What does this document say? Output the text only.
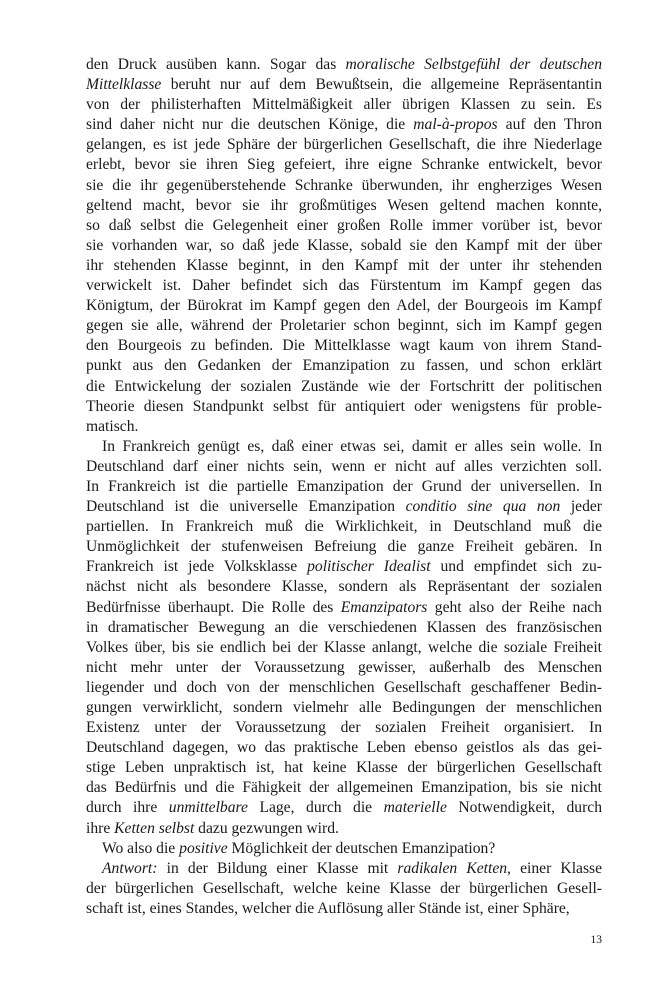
den Druck ausüben kann. Sogar das moralische Selbstgefühl der deutschen
Mittelklasse beruht nur auf dem Bewußtsein, die allgemeine Repräsentantin
von der philisterhaften Mittelmäßigkeit aller übrigen Klassen zu sein. Es
sind daher nicht nur die deutschen Könige, die mal-à-propos auf den Thron
gelangen, es ist jede Sphäre der bürgerlichen Gesellschaft, die ihre Niederlage
erlebt, bevor sie ihren Sieg gefeiert, ihre eigne Schranke entwickelt, bevor
sie die ihr gegenüberstehende Schranke überwunden, ihr engherziges Wesen
geltend macht, bevor sie ihr großmütiges Wesen geltend machen konnte,
so daß selbst die Gelegenheit einer großen Rolle immer vorüber ist, bevor
sie vorhanden war, so daß jede Klasse, sobald sie den Kampf mit der über
ihr stehenden Klasse beginnt, in den Kampf mit der unter ihr stehenden
verwickelt ist. Daher befindet sich das Fürstentum im Kampf gegen das
Königtum, der Bürokrat im Kampf gegen den Adel, der Bourgeois im Kampf
gegen sie alle, während der Proletarier schon beginnt, sich im Kampf gegen
den Bourgeois zu befinden. Die Mittelklasse wagt kaum von ihrem Stand-
punkt aus den Gedanken der Emanzipation zu fassen, und schon erklärt
die Entwickelung der sozialen Zustände wie der Fortschritt der politischen
Theorie diesen Standpunkt selbst für antiquiert oder wenigstens für proble-
matisch.
In Frankreich genügt es, daß einer etwas sei, damit er alles sein wolle. In
Deutschland darf einer nichts sein, wenn er nicht auf alles verzichten soll.
In Frankreich ist die partielle Emanzipation der Grund der universellen. In
Deutschland ist die universelle Emanzipation conditio sine qua non jeder
partiellen. In Frankreich muß die Wirklichkeit, in Deutschland muß die
Unmöglichkeit der stufenweisen Befreiung die ganze Freiheit gebären. In
Frankreich ist jede Volksklasse politischer Idealist und empfindet sich zu-
nächst nicht als besondere Klasse, sondern als Repräsentant der sozialen
Bedürfnisse überhaupt. Die Rolle des Emanzipators geht also der Reihe nach
in dramatischer Bewegung an die verschiedenen Klassen des französischen
Volkes über, bis sie endlich bei der Klasse anlangt, welche die soziale Freiheit
nicht mehr unter der Voraussetzung gewisser, außerhalb des Menschen
liegender und doch von der menschlichen Gesellschaft geschaffener Bedin-
gungen verwirklicht, sondern vielmehr alle Bedingungen der menschlichen
Existenz unter der Voraussetzung der sozialen Freiheit organisiert. In
Deutschland dagegen, wo das praktische Leben ebenso geistlos als das gei-
stige Leben unpraktisch ist, hat keine Klasse der bürgerlichen Gesellschaft
das Bedürfnis und die Fähigkeit der allgemeinen Emanzipation, bis sie nicht
durch ihre unmittelbare Lage, durch die materielle Notwendigkeit, durch
ihre Ketten selbst dazu gezwungen wird.
Wo also die positive Möglichkeit der deutschen Emanzipation?
Antwort: in der Bildung einer Klasse mit radikalen Ketten, einer Klasse
der bürgerlichen Gesellschaft, welche keine Klasse der bürgerlichen Gesell-
schaft ist, eines Standes, welcher die Auflösung aller Stände ist, einer Sphäre,
13
